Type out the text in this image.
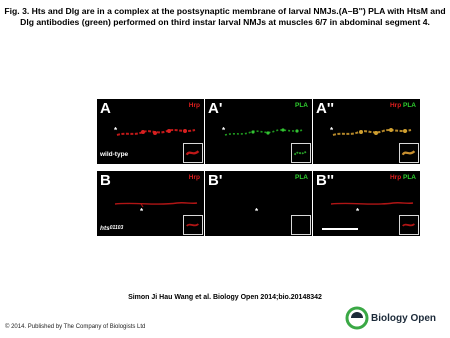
Fig. 3. Hts and Dlg are in a complex at the postsynaptic membrane of larval NMJs.(A–B'') PLA with HtsM and Dlg antibodies (green) performed on third instar larval NMJs at muscles 6/7 in abdominal segment 4.
A	Hrp
*
wild-type
A'	PLA
*
A''	Hrp PLA
*
B	Hrp
*
hts$^{01103}$
B'	PLA
*
B''	Hrp PLA
*
Simon Ji Hau Wang et al. Biology Open 2014;bio.20148342
© 2014. Published by The Company of Biologists Ltd
Biology Open
